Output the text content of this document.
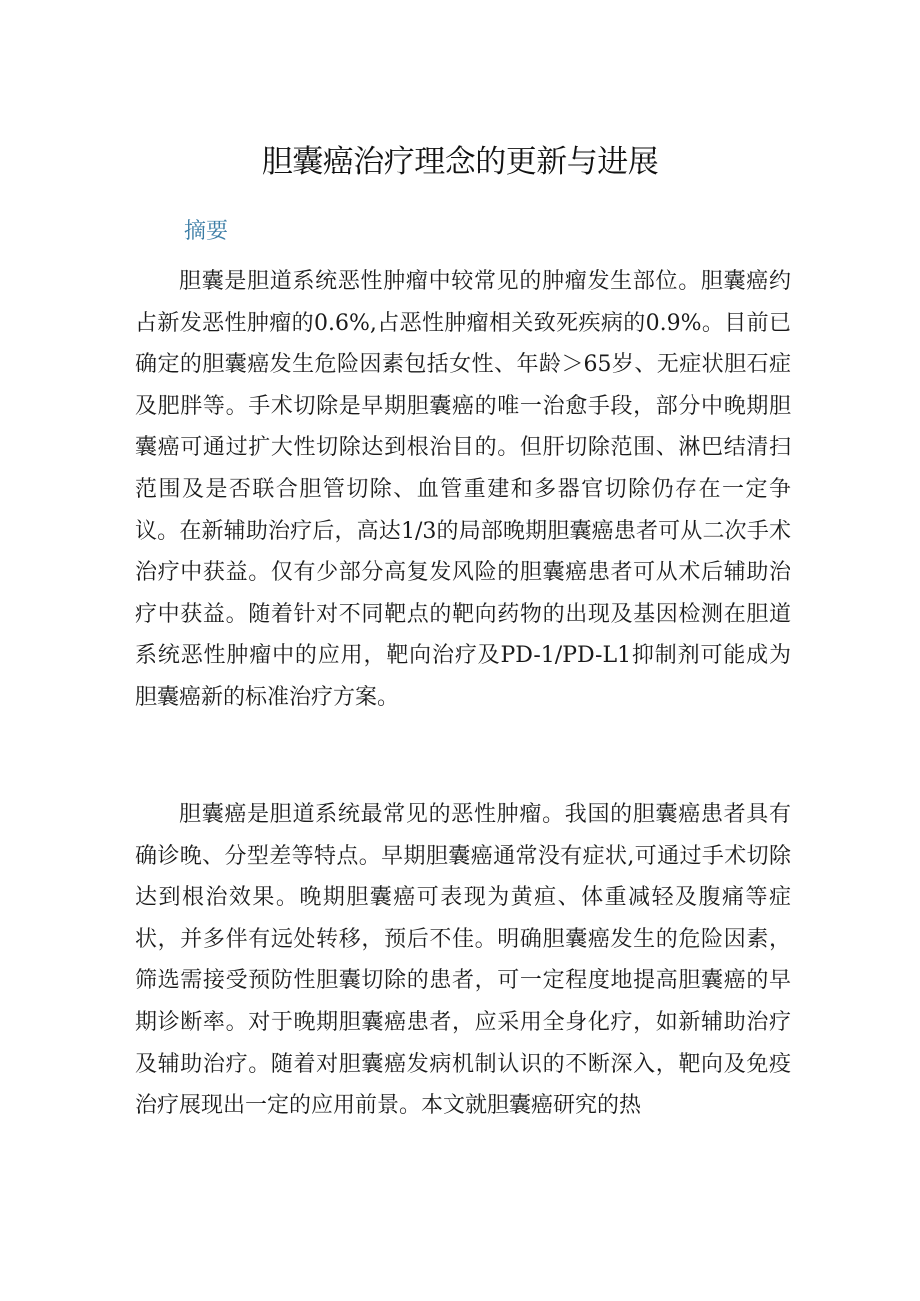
胆囊癌治疗理念的更新与进展
摘要

胆囊是胆道系统恶性肿瘤中较常见的肿瘤发生部位。胆囊癌约占新发恶性肿瘤的0.6%,占恶性肿瘤相关致死疾病的0.9%。目前已确定的胆囊癌发生危险因素包括女性、年龄＞65岁、无症状胆石症及肥胖等。手术切除是早期胆囊癌的唯一治愈手段，部分中晚期胆囊癌可通过扩大性切除达到根治目的。但肝切除范围、淋巴结清扫范围及是否联合胆管切除、血管重建和多器官切除仍存在一定争议。在新辅助治疗后，高达1/3的局部晚期胆囊癌患者可从二次手术治疗中获益。仅有少部分高复发风险的胆囊癌患者可从术后辅助治疗中获益。随着针对不同靶点的靶向药物的出现及基因检测在胆道系统恶性肿瘤中的应用，靶向治疗及PD-1/PD-L1抑制剂可能成为胆囊癌新的标准治疗方案。

胆囊癌是胆道系统最常见的恶性肿瘤。我国的胆囊癌患者具有确诊晚、分型差等特点。早期胆囊癌通常没有症状,可通过手术切除达到根治效果。晚期胆囊癌可表现为黄疸、体重减轻及腹痛等症状，并多伴有远处转移，预后不佳。明确胆囊癌发生的危险因素，筛选需接受预防性胆囊切除的患者，可一定程度地提高胆囊癌的早期诊断率。对于晚期胆囊癌患者，应采用全身化疗，如新辅助治疗及辅助治疗。随着对胆囊癌发病机制认识的不断深入，靶向及免疫治疗展现出一定的应用前景。本文就胆囊癌研究的热
